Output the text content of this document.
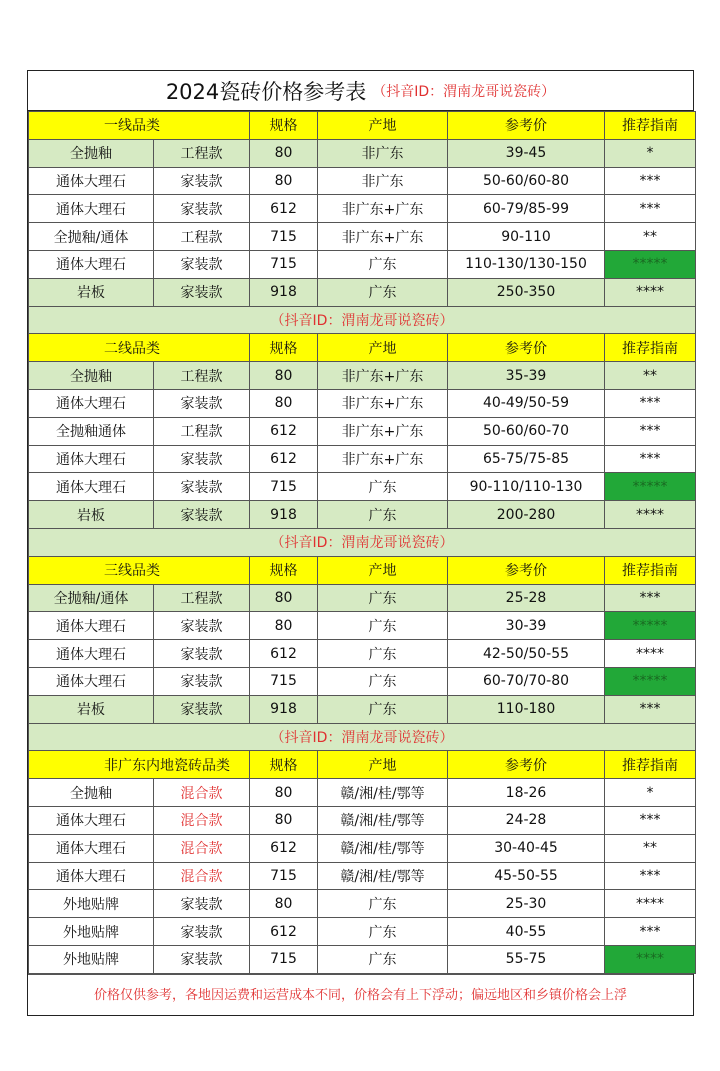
2024瓷砖价格参考表 （抖音ID：渭南龙哥说瓷砖）
一线品类		规格	产地	参考价	推荐指南
全抛釉	工程款	80	非广东	39-45	*
通体大理石	家装款	80	非广东	50-60/60-80	***
通体大理石	家装款	612	非广东+广东	60-79/85-99	***
全抛釉/通体	工程款	715	非广东+广东	90-110	**
通体大理石	家装款	715	广东	110-130/130-150	*****
岩板	家装款	918	广东	250-350	****
（抖音ID：渭南龙哥说瓷砖）					
二线品类		规格	产地	参考价	推荐指南
全抛釉	工程款	80	非广东+广东	35-39	**
通体大理石	家装款	80	非广东+广东	40-49/50-59	***
全抛釉通体	工程款	612	非广东+广东	50-60/60-70	***
通体大理石	家装款	612	非广东+广东	65-75/75-85	***
通体大理石	家装款	715	广东	90-110/110-130	*****
岩板	家装款	918	广东	200-280	****
（抖音ID：渭南龙哥说瓷砖）					
三线品类		规格	产地	参考价	推荐指南
全抛釉/通体	工程款	80	广东	25-28	***
通体大理石	家装款	80	广东	30-39	*****
通体大理石	家装款	612	广东	42-50/50-55	****
通体大理石	家装款	715	广东	60-70/70-80	*****
岩板	家装款	918	广东	110-180	***
（抖音ID：渭南龙哥说瓷砖）					
非广东内地瓷砖品类		规格	产地	参考价	推荐指南
全抛釉	混合款	80	赣/湘/桂/鄂等	18-26	*
通体大理石	混合款	80	赣/湘/桂/鄂等	24-28	***
通体大理石	混合款	612	赣/湘/桂/鄂等	30-40-45	**
通体大理石	混合款	715	赣/湘/桂/鄂等	45-50-55	***
外地贴牌	家装款	80	广东	25-30	****
外地贴牌	家装款	612	广东	40-55	***
外地贴牌	家装款	715	广东	55-75	****
价格仅供参考，各地因运费和运营成本不同，价格会有上下浮动；偏远地区和乡镇价格会上浮
